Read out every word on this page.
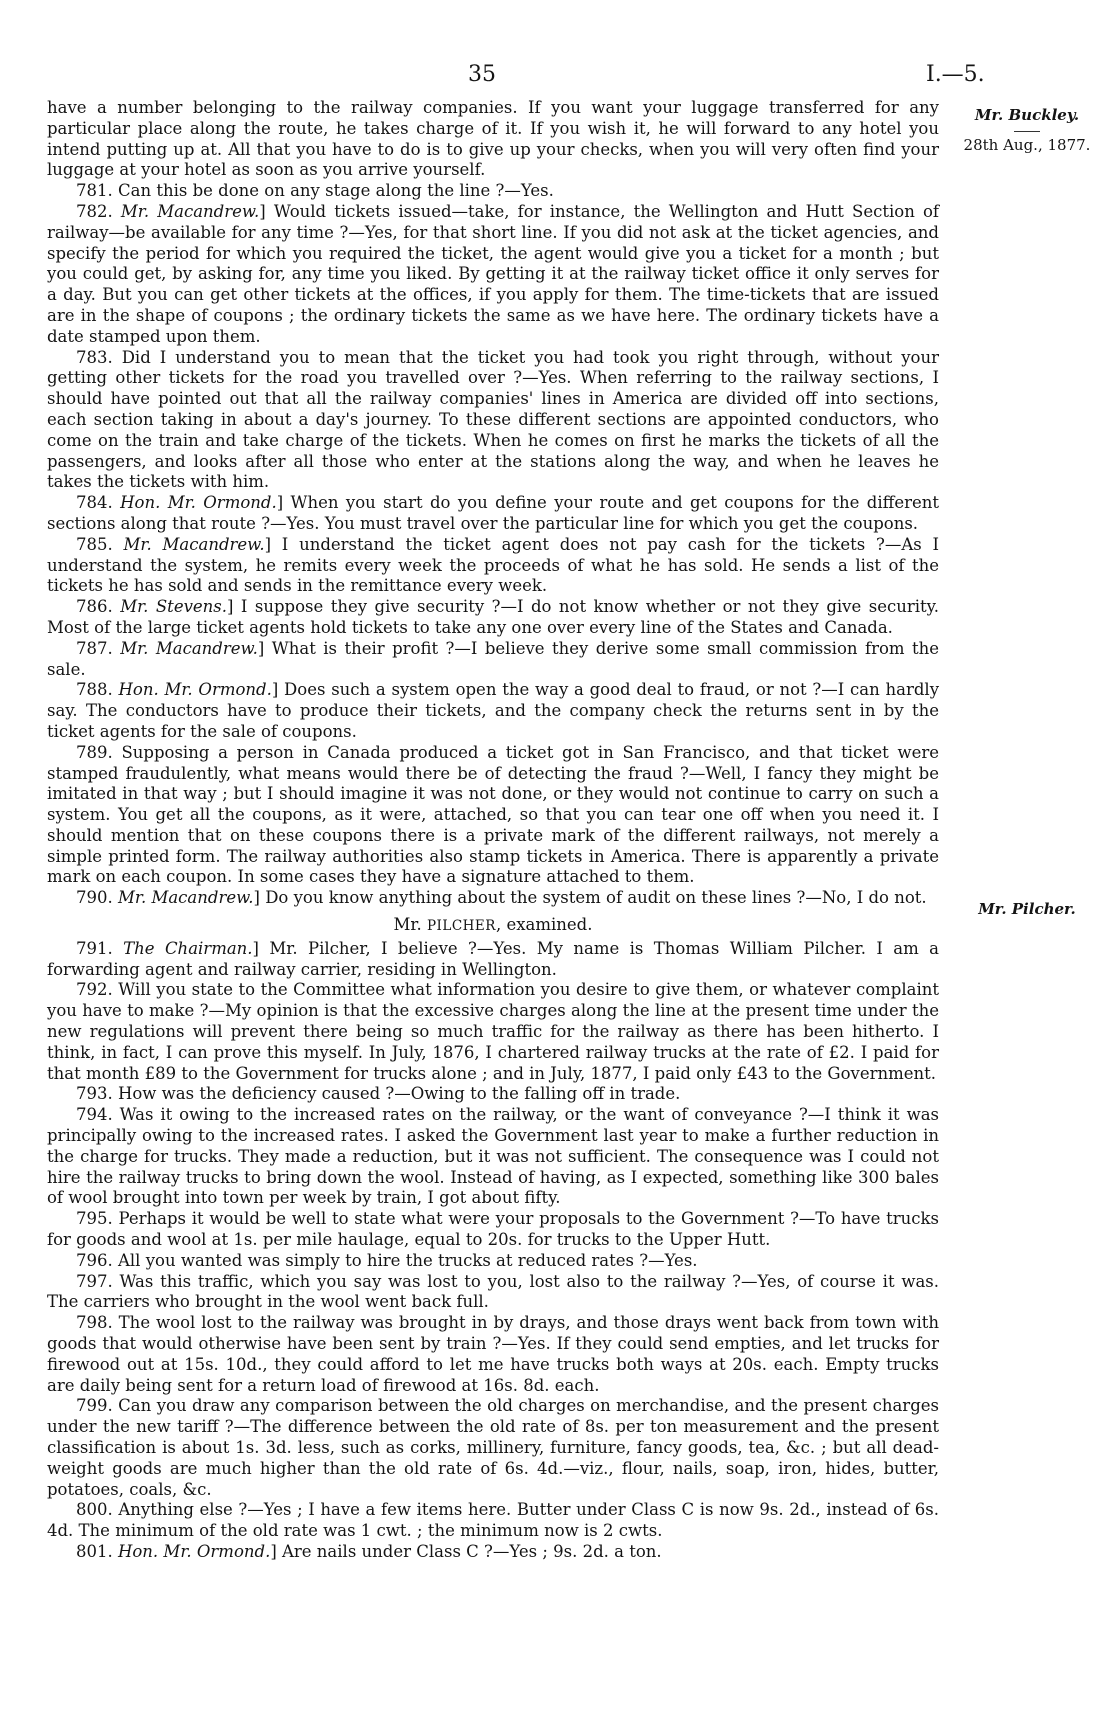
35	I.—5.
Mr. Buckley.
28th Aug., 1877.
Mr. Pilcher.

have a number belonging to the railway companies. If you want your luggage transferred for any particular place along the route, he takes charge of it. If you wish it, he will forward to any hotel you intend putting up at. All that you have to do is to give up your checks, when you will very often find your luggage at your hotel as soon as you arrive yourself.

781. Can this be done on any stage along the line ?—Yes.

782. Mr. Macandrew.] Would tickets issued—take, for instance, the Wellington and Hutt Section of railway—be available for any time ?—Yes, for that short line. If you did not ask at the ticket agencies, and specify the period for which you required the ticket, the agent would give you a ticket for a month ; but you could get, by asking for, any time you liked. By getting it at the railway ticket office it only serves for a day. But you can get other tickets at the offices, if you apply for them. The time-tickets that are issued are in the shape of coupons ; the ordinary tickets the same as we have here. The ordinary tickets have a date stamped upon them.

783. Did I understand you to mean that the ticket you had took you right through, without your getting other tickets for the road you travelled over ?—Yes. When referring to the railway sections, I should have pointed out that all the railway companies' lines in America are divided off into sections, each section taking in about a day's journey. To these different sections are appointed conductors, who come on the train and take charge of the tickets. When he comes on first he marks the tickets of all the passengers, and looks after all those who enter at the stations along the way, and when he leaves he takes the tickets with him.

784. Hon. Mr. Ormond.] When you start do you define your route and get coupons for the different sections along that route ?—Yes. You must travel over the particular line for which you get the coupons.

785. Mr. Macandrew.] I understand the ticket agent does not pay cash for the tickets ?—As I understand the system, he remits every week the proceeds of what he has sold. He sends a list of the tickets he has sold and sends in the remittance every week.

786. Mr. Stevens.] I suppose they give security ?—I do not know whether or not they give security. Most of the large ticket agents hold tickets to take any one over every line of the States and Canada.

787. Mr. Macandrew.] What is their profit ?—I believe they derive some small commission from the sale.

788. Hon. Mr. Ormond.] Does such a system open the way a good deal to fraud, or not ?—I can hardly say. The conductors have to produce their tickets, and the company check the returns sent in by the ticket agents for the sale of coupons.

789. Supposing a person in Canada produced a ticket got in San Francisco, and that ticket were stamped fraudulently, what means would there be of detecting the fraud ?—Well, I fancy they might be imitated in that way ; but I should imagine it was not done, or they would not continue to carry on such a system. You get all the coupons, as it were, attached, so that you can tear one off when you need it. I should mention that on these coupons there is a private mark of the different railways, not merely a simple printed form. The railway authorities also stamp tickets in America. There is apparently a private mark on each coupon. In some cases they have a signature attached to them.

790. Mr. Macandrew.] Do you know anything about the system of audit on these lines ?—No, I do not.

Mr. PILCHER, examined.

791. The Chairman.] Mr. Pilcher, I believe ?—Yes. My name is Thomas William Pilcher. I am a forwarding agent and railway carrier, residing in Wellington.

792. Will you state to the Committee what information you desire to give them, or whatever complaint you have to make ?—My opinion is that the excessive charges along the line at the present time under the new regulations will prevent there being so much traffic for the railway as there has been hitherto. I think, in fact, I can prove this myself. In July, 1876, I chartered railway trucks at the rate of £2. I paid for that month £89 to the Government for trucks alone ; and in July, 1877, I paid only £43 to the Government.

793. How was the deficiency caused ?—Owing to the falling off in trade.

794. Was it owing to the increased rates on the railway, or the want of conveyance ?—I think it was principally owing to the increased rates. I asked the Government last year to make a further reduction in the charge for trucks. They made a reduction, but it was not sufficient. The consequence was I could not hire the railway trucks to bring down the wool. Instead of having, as I expected, something like 300 bales of wool brought into town per week by train, I got about fifty.

795. Perhaps it would be well to state what were your proposals to the Government ?—To have trucks for goods and wool at 1s. per mile haulage, equal to 20s. for trucks to the Upper Hutt.

796. All you wanted was simply to hire the trucks at reduced rates ?—Yes.

797. Was this traffic, which you say was lost to you, lost also to the railway ?—Yes, of course it was. The carriers who brought in the wool went back full.

798. The wool lost to the railway was brought in by drays, and those drays went back from town with goods that would otherwise have been sent by train ?—Yes. If they could send empties, and let trucks for firewood out at 15s. 10d., they could afford to let me have trucks both ways at 20s. each. Empty trucks are daily being sent for a return load of firewood at 16s. 8d. each.

799. Can you draw any comparison between the old charges on merchandise, and the present charges under the new tariff ?—The difference between the old rate of 8s. per ton measurement and the present classification is about 1s. 3d. less, such as corks, millinery, furniture, fancy goods, tea, &c. ; but all dead-weight goods are much higher than the old rate of 6s. 4d.—viz., flour, nails, soap, iron, hides, butter, potatoes, coals, &c.

800. Anything else ?—Yes ; I have a few items here. Butter under Class C is now 9s. 2d., instead of 6s. 4d. The minimum of the old rate was 1 cwt. ; the minimum now is 2 cwts.

801. Hon. Mr. Ormond.] Are nails under Class C ?—Yes ; 9s. 2d. a ton.
